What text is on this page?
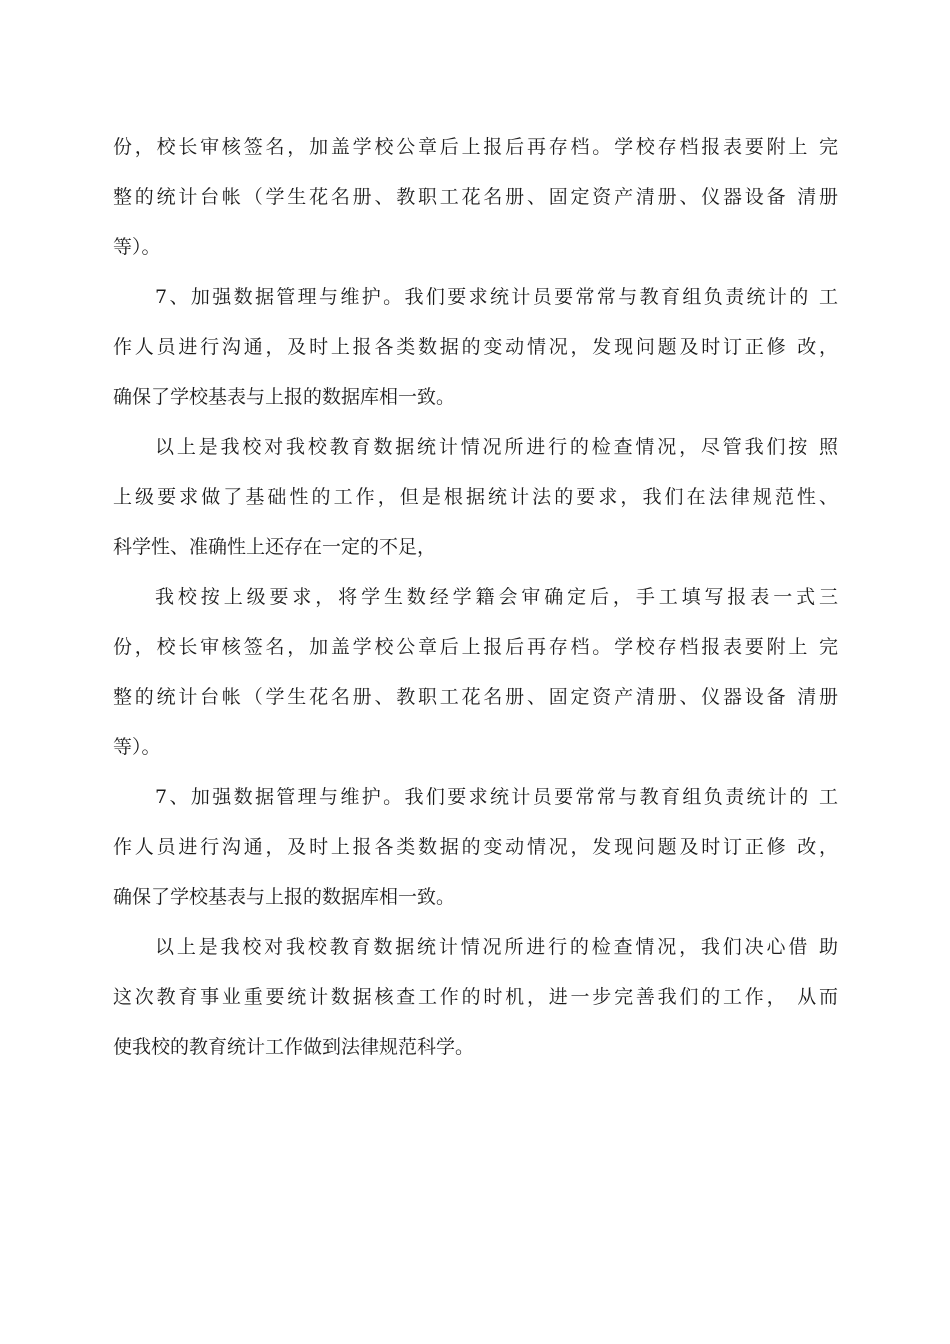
份，校长审核签名，加盖学校公章后上报后再存档。学校存档报表要附上 完
整的统计台帐（学生花名册、教职工花名册、固定资产清册、仪器设备 清册
等）。
7、加强数据管理与维护。我们要求统计员要常常与教育组负责统计的 工
作人员进行沟通，及时上报各类数据的变动情况，发现问题及时订正修 改，
确保了学校基表与上报的数据库相一致。
以上是我校对我校教育数据统计情况所进行的检查情况，尽管我们按 照
上级要求做了基础性的工作，但是根据统计法的要求，我们在法律规范性、
科学性、准确性上还存在一定的不足，
我校按上级要求，将学生数经学籍会审确定后，手工填写报表一式三
份，校长审核签名，加盖学校公章后上报后再存档。学校存档报表要附上 完
整的统计台帐（学生花名册、教职工花名册、固定资产清册、仪器设备 清册
等）。
7、加强数据管理与维护。我们要求统计员要常常与教育组负责统计的 工
作人员进行沟通，及时上报各类数据的变动情况，发现问题及时订正修 改，
确保了学校基表与上报的数据库相一致。
以上是我校对我校教育数据统计情况所进行的检查情况，我们决心借 助
这次教育事业重要统计数据核查工作的时机，进一步完善我们的工作， 从而
使我校的教育统计工作做到法律规范科学。
